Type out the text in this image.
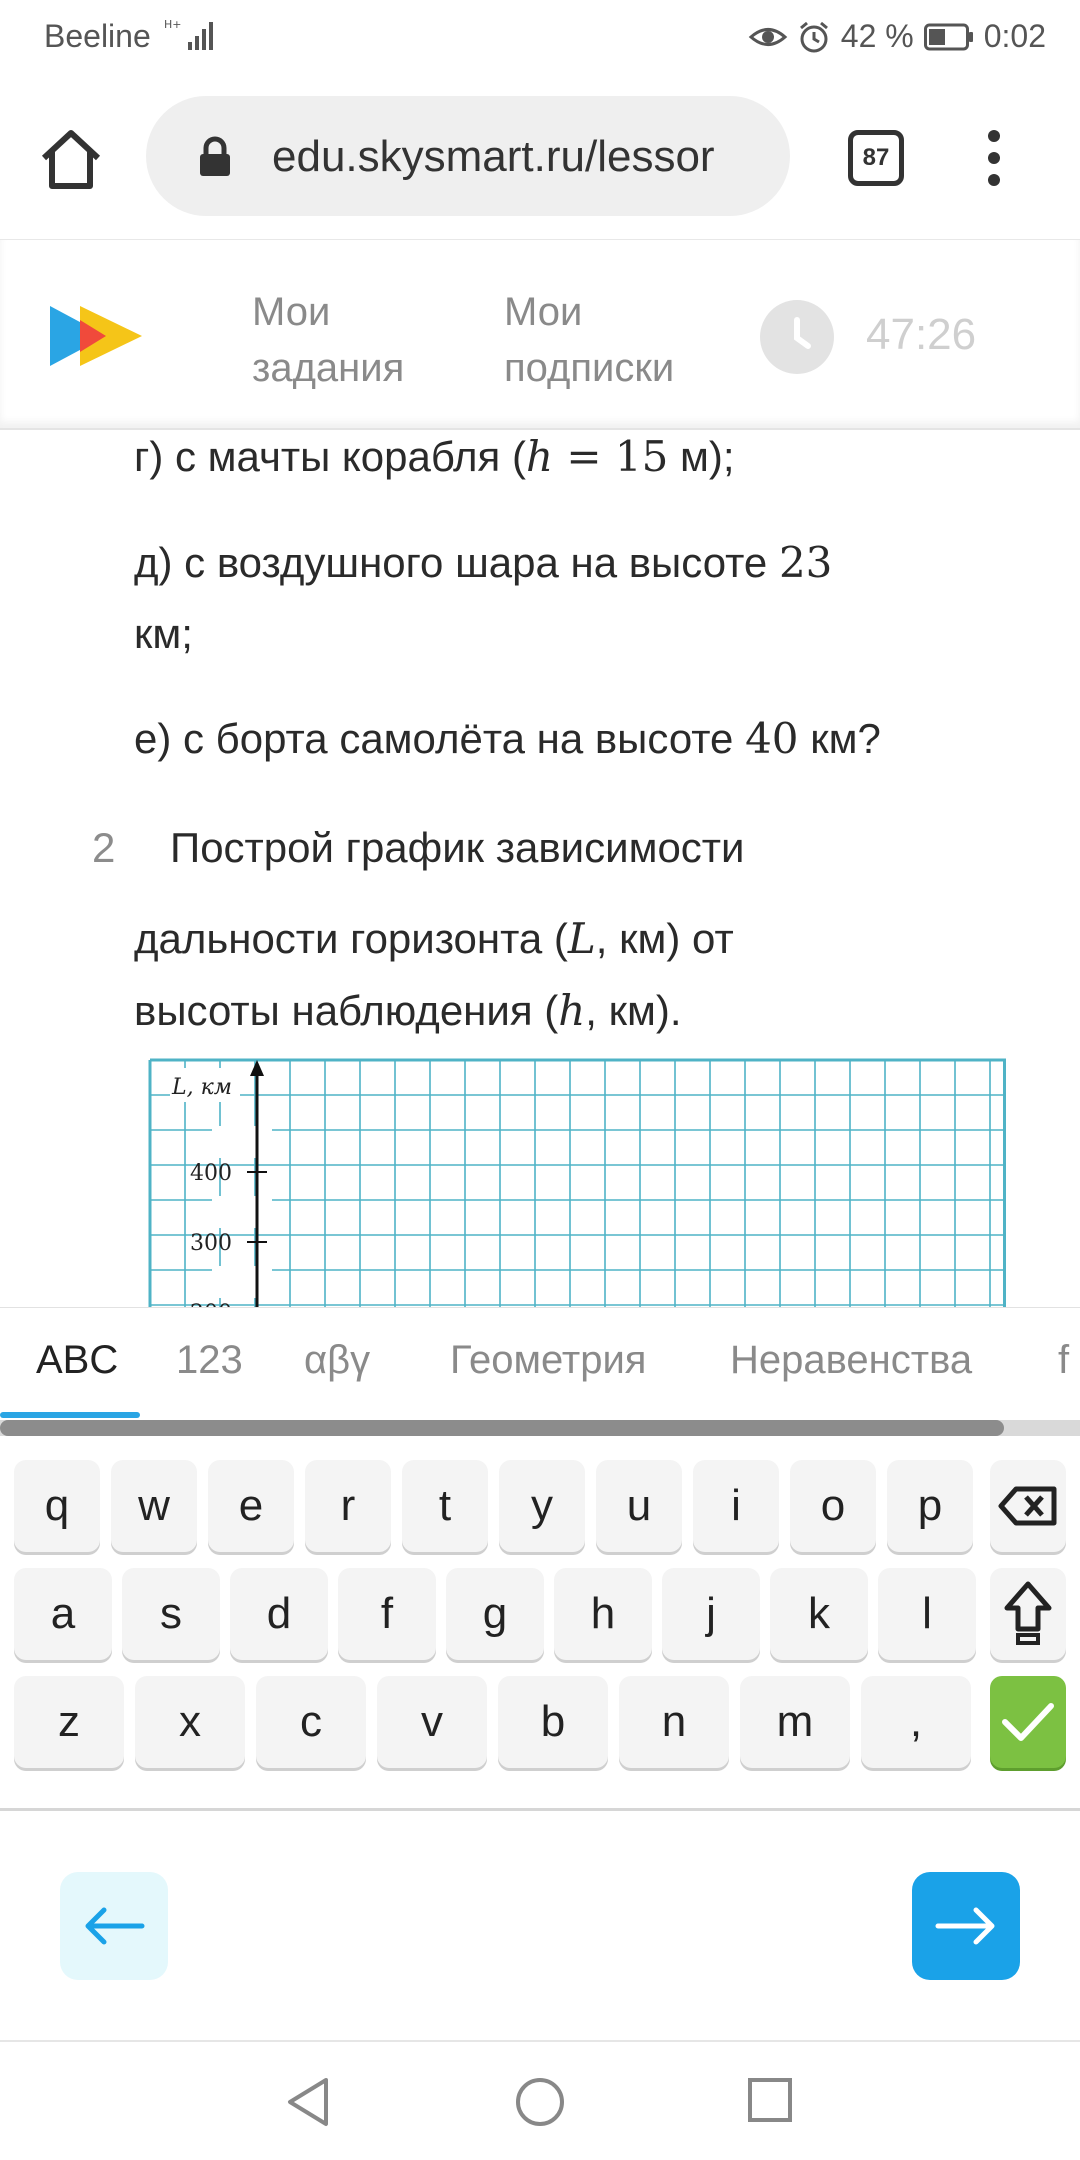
Beeline H+	42 % 0:02
edu.skysmart.ru/lessor	87
Мои
задания
Мои
подписки
47:26
г) с мачты корабля (h = 15 м);
д) с воздушного шара на высоте 23
км;
е) с борта самолёта на высоте 40 км?
2 Построй график зависимости
дальности горизонта (L, км) от
высоты наблюдения (h, км).
L, км
400
300
ABC 123 αβγ Геометрия Неравенства f
q	w	e	r	t	y	u	i	o	p
a	s	d	f	g	h	j	k	l
z	x	c	v	b	n	m	,
